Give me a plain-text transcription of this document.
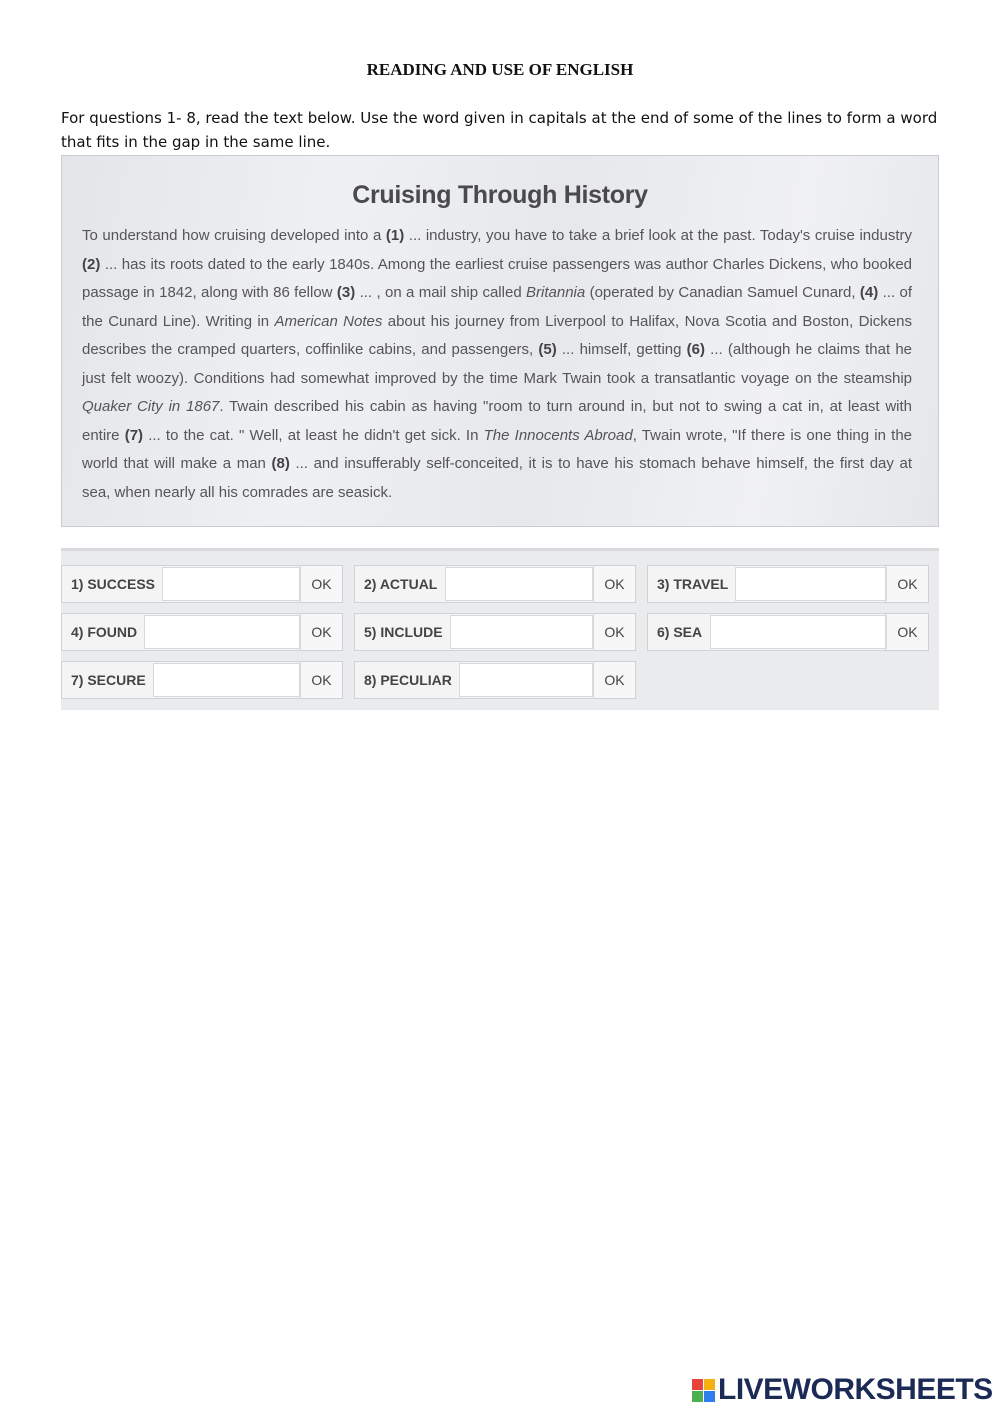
READING AND USE OF ENGLISH
For questions 1- 8, read the text below. Use the word given in capitals at the end of some of the lines to form a word that fits in the gap in the same line.
Cruising Through History
To understand how cruising developed into a (1) ... industry, you have to take a brief look at the past. Today's cruise industry (2) ... has its roots dated to the early 1840s. Among the earliest cruise passengers was author Charles Dickens, who booked passage in 1842, along with 86 fellow (3) ... , on a mail ship called Britannia (operated by Canadian Samuel Cunard, (4) ... of the Cunard Line). Writing in American Notes about his journey from Liverpool to Halifax, Nova Scotia and Boston, Dickens describes the cramped quarters, coffinlike cabins, and passengers, (5) ... himself, getting (6) ... (although he claims that he just felt woozy). Conditions had somewhat improved by the time Mark Twain took a transatlantic voyage on the steamship Quaker City in 1867. Twain described his cabin as having "room to turn around in, but not to swing a cat in, at least with entire (7) ... to the cat. " Well, at least he didn't get sick. In The Innocents Abroad, Twain wrote, "If there is one thing in the world that will make a man (8) ... and insufferably self-conceited, it is to have his stomach behave himself, the first day at sea, when nearly all his comrades are seasick.
1) SUCCESS	OK	2) ACTUAL	OK	3) TRAVEL	OK
4) FOUND	OK	5) INCLUDE	OK	6) SEA	OK
7) SECURE	OK	8) PECULIAR	OK
LIVEWORKSHEETS
